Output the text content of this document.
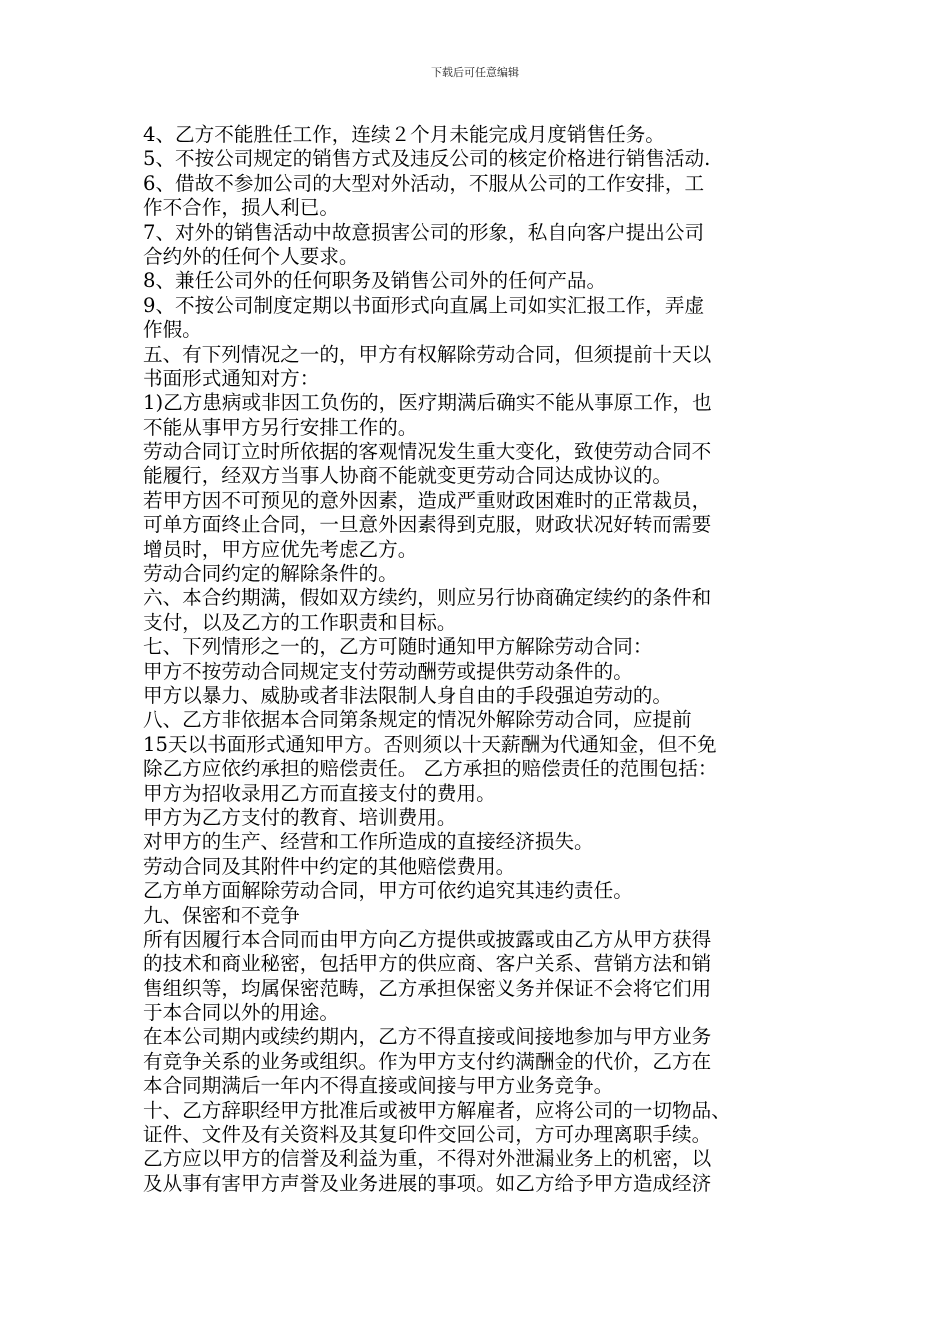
下载后可任意编辑
4、乙方不能胜任工作，连续２个月未能完成月度销售任务。
5、不按公司规定的销售方式及违反公司的核定价格进行销售活动.
6、借故不参加公司的大型对外活动，不服从公司的工作安排，工
作不合作，损人利已。
7、对外的销售活动中故意损害公司的形象，私自向客户提出公司
合约外的任何个人要求。
8、兼任公司外的任何职务及销售公司外的任何产品。
9、不按公司制度定期以书面形式向直属上司如实汇报工作，弄虚
作假。
五、有下列情况之一的，甲方有权解除劳动合同，但须提前十天以
书面形式通知对方：
1)乙方患病或非因工负伤的，医疗期满后确实不能从事原工作，也
不能从事甲方另行安排工作的。
劳动合同订立时所依据的客观情况发生重大变化，致使劳动合同不
能履行，经双方当事人协商不能就变更劳动合同达成协议的。
若甲方因不可预见的意外因素，造成严重财政困难时的正常裁员，
可单方面终止合同，一旦意外因素得到克服，财政状况好转而需要
增员时，甲方应优先考虑乙方。
劳动合同约定的解除条件的。
六、本合约期满，假如双方续约，则应另行协商确定续约的条件和
支付，以及乙方的工作职责和目标。
七、下列情形之一的，乙方可随时通知甲方解除劳动合同：
甲方不按劳动合同规定支付劳动酬劳或提供劳动条件的。
甲方以暴力、威胁或者非法限制人身自由的手段强迫劳动的。
八、乙方非依据本合同第条规定的情况外解除劳动合同，应提前
15天以书面形式通知甲方。否则须以十天薪酬为代通知金，但不免
除乙方应依约承担的赔偿责任。 乙方承担的赔偿责任的范围包括：
甲方为招收录用乙方而直接支付的费用。
甲方为乙方支付的教育、培训费用。
对甲方的生产、经营和工作所造成的直接经济损失。
劳动合同及其附件中约定的其他赔偿费用。
乙方单方面解除劳动合同，甲方可依约追究其违约责任。
九、保密和不竞争
所有因履行本合同而由甲方向乙方提供或披露或由乙方从甲方获得
的技术和商业秘密，包括甲方的供应商、客户关系、营销方法和销
售组织等，均属保密范畴，乙方承担保密义务并保证不会将它们用
于本合同以外的用途。
在本公司期内或续约期内，乙方不得直接或间接地参加与甲方业务
有竞争关系的业务或组织。作为甲方支付约满酬金的代价，乙方在
本合同期满后一年内不得直接或间接与甲方业务竞争。
十、乙方辞职经甲方批准后或被甲方解雇者，应将公司的一切物品、
证件、文件及有关资料及其复印件交回公司，方可办理离职手续。
乙方应以甲方的信誉及利益为重，不得对外泄漏业务上的机密，以
及从事有害甲方声誉及业务进展的事项。如乙方给予甲方造成经济
